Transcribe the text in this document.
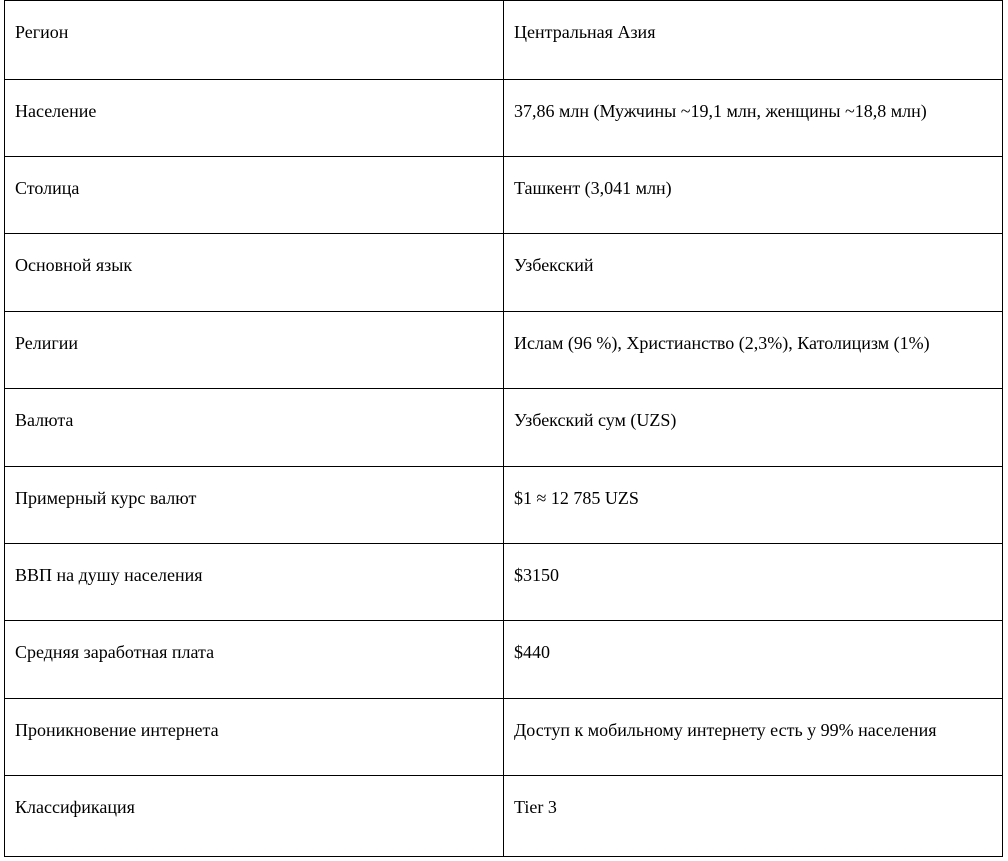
Регион	Центральная Азия
Население	37,86 млн (Мужчины ~19,1 млн, женщины ~18,8 млн)
Столица	Ташкент (3,041 млн)
Основной язык	Узбекский
Религии	Ислам (96 %), Христианство (2,3%), Католицизм (1%)
Валюта	Узбекский сум (UZS)
Примерный курс валют	$1 ≈ 12 785 UZS
ВВП на душу населения	$3150
Средняя заработная плата	$440
Проникновение интернета	Доступ к мобильному интернету есть у 99% населения
Классификация	Tier 3
